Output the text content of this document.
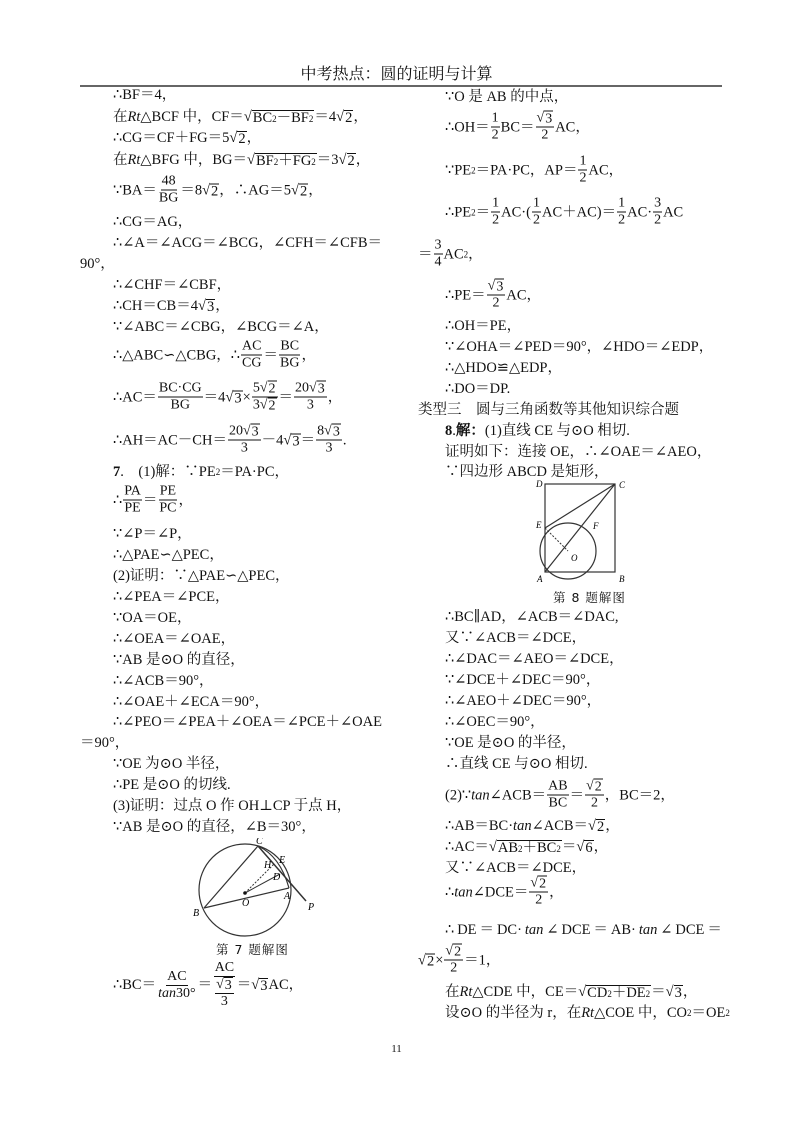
中考热点：圆的证明与计算
∴BF＝4，
在 Rt △BCF 中，CF＝ √ BC 2 －BF 2 ＝4 √ 2 ，
∴CG＝CF＋FG＝5 √ 2 ，
在 Rt △BFG 中，BG＝ √ BF 2 ＋FG 2 ＝3 √ 2 ，
∵BA＝ $\frac{48}{BG} =8$ √ 2 ，∴AG＝5 √ 2 ，
∴CG＝AG，
∴∠A＝∠ACG＝∠BCG，∠CFH＝∠CFB＝
90°，
∴∠CHF＝∠CBF，
∴CH＝CB＝4 √ 3 ，
∵∠ABC＝∠CBG，∠BCG＝∠A，
∴△ABC∽△CBG，∴ $\frac{AC}{CG} = \frac{BC}{BG}$ ，
∴AC＝ $\frac{BC\cdot CG}{BG} =4$ √ $3 \times \frac{5 √ 2}{3 √ 2} = \frac{20 √ 3}{3}$ ，
∴AH＝AC－CH＝ $\frac{20 √ 3}{3} -4$ √ $3 = \frac{8 √ 3}{3}$ .
7 .　(1)解：∵PE 2 ＝PA·PC，
∴ $\frac{PA}{PE} = \frac{PE}{PC}$ ，
∵∠P＝∠P，
∴△PAE∽△PEC，
(2)证明：∵△PAE∽△PEC，
∴∠PEA＝∠PCE，
∵OA＝OE，
∴∠OEA＝∠OAE，
∵AB 是⊙O 的直径，
∴∠ACB＝90°，
∴∠OAE＋∠ECA＝90°，
∴∠PEO＝∠PEA＋∠OEA＝∠PCE＋∠OAE
＝90°，
∵OE 为⊙O 半径，
∴PE 是⊙O 的切线.
(3)证明：过点 O 作 OH⊥CP 于点 H，
∵AB 是⊙O 的直径，∠B＝30°，
∴BC＝ $\frac{AC}{\tan 30^\circ} = \frac{AC}{\frac{√ 3}{3}}$ ＝ √ 3 AC，
∵O 是 AB 的中点，
∴OH＝ $\frac{1}{2} BC= \frac{√ 3}{2}$ AC，
∵PE 2 ＝PA·PC，$AP= \frac{1}{2}$ AC，
∴PE $2 = \frac{1}{2} AC\cdot( \frac{1}{2} AC+AC)= \frac{1}{2} AC\cdot \frac{3}{2}$ AC
＝ $\frac{3}{4}$ AC 2 ，
∴PE＝ $\frac{√ 3}{2}$ AC，
∴OH＝PE，
∵∠OHA＝∠PED＝90°，∠HDO＝∠EDP，
∴△HDO≌△EDP，
∴DO＝DP.
类型三　圆与三角函数等其他知识综合题
8 . 解： (1)直线 CE 与⊙O 相切.
证明如下：连接 OE，∴∠OAE＝∠AEO，
∵四边形 ABCD 是矩形，
∴BC∥AD，∠ACB＝∠DAC,
又∵∠ACB＝∠DCE，
∴∠DAC＝∠AEO＝∠DCE，
∵∠DCE＋∠DEC＝90°，
∴∠AEO＋∠DEC＝90°，
∴∠OEC＝90°，
∵OE 是⊙O 的半径，
∴直线 CE 与⊙O 相切.
(2)∵ tan ∠ACB＝ $\frac{AB}{BC} = \frac{√ 2}{2}$ ，BC＝2，
∴AB＝BC· tan ∠ACB＝ √ 2 ，
∴AC＝ √ AB 2 ＋BC 2 ＝ √ 6 ，
又∵∠ACB＝∠DCE，
∴ tan ∠DCE＝ $\frac{√ 2}{2}$ ，
∴ DE ＝ DC· tan ∠ DCE ＝ AB· tan ∠ DCE ＝
√ $2 \times \frac{√ 2}{2} =1$，
在 Rt △CDE 中，CE＝ √ CD 2 ＋DE 2 ＝ √ 3 ，
设⊙O 的半径为 r，在 Rt △COE 中，CO 2 ＝OE 2
C
H E
D
A
P
B
O
第 7 题解图
D	C
E	F
O
A	B
第 8 题解图
11
